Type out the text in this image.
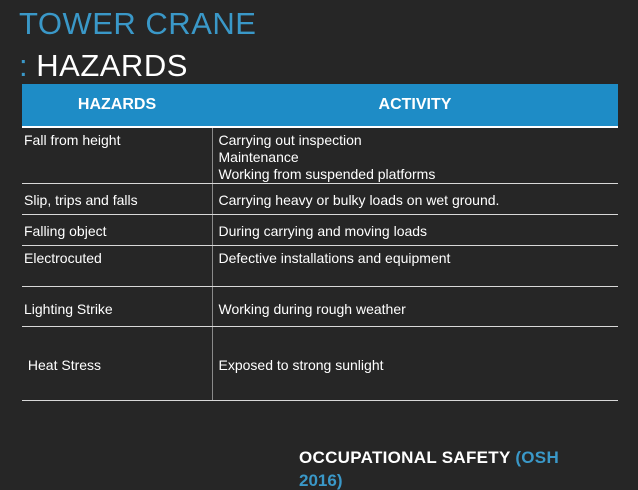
TOWER CRANE
: HAZARDS
HAZARDS	ACTIVITY
Fall from height	Carrying out inspection
Maintenance
Working from suspended platforms

Slip, trips and falls	Carrying heavy or bulky loads on wet ground.

Falling object	During carrying and moving loads

Electrocuted	Defective installations and equipment

Lighting Strike	Working during rough weather

Heat Stress	Exposed to strong sunlight
OCCUPATIONAL SAFETY (OSH
2016)
